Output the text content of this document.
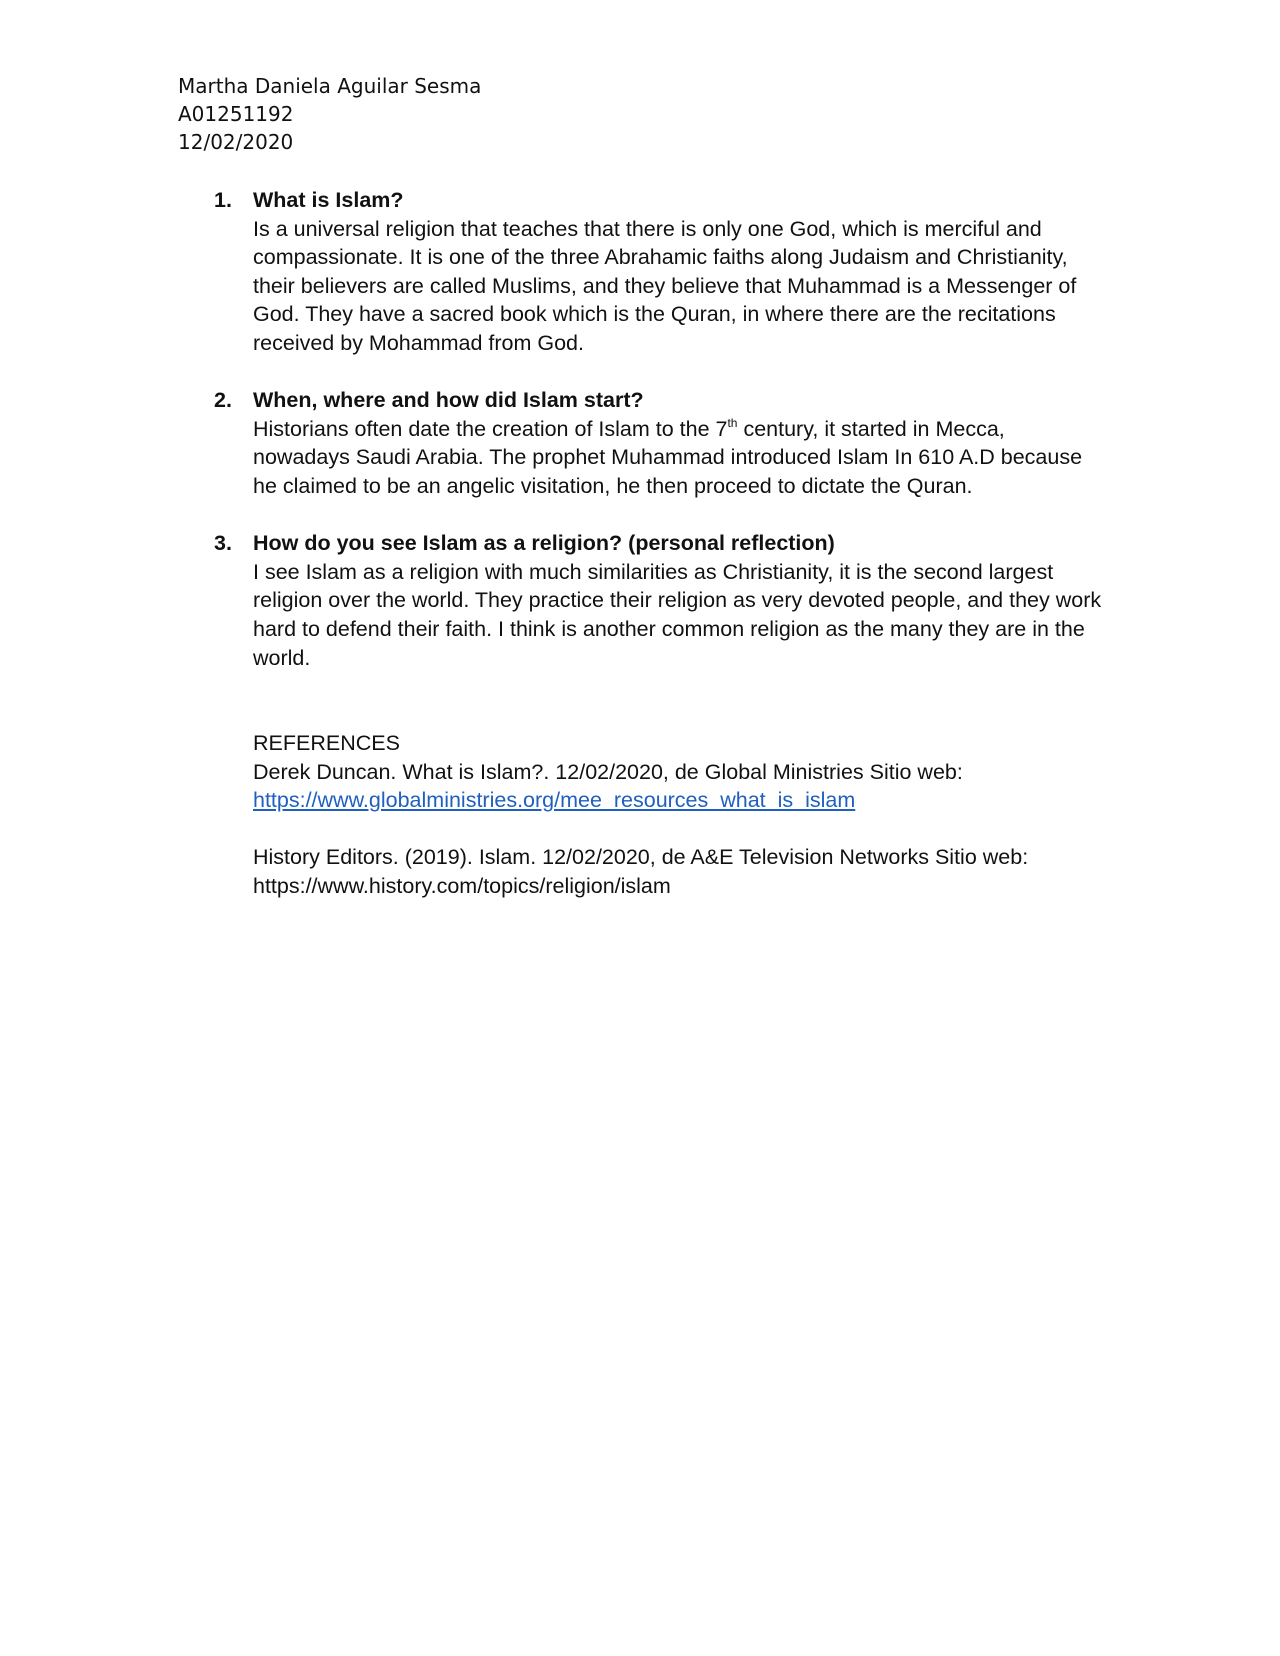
Martha Daniela Aguilar Sesma
A01251192
12/02/2020
1. What is Islam?

Is a universal religion that teaches that there is only one God, which is merciful and compassionate. It is one of the three Abrahamic faiths along Judaism and Christianity, their believers are called Muslims, and they believe that Muhammad is a Messenger of God. They have a sacred book which is the Quran, in where there are the recitations received by Mohammad from God.

2. When, where and how did Islam start?

Historians often date the creation of Islam to the 7th century, it started in Mecca, nowadays Saudi Arabia. The prophet Muhammad introduced Islam In 610 A.D because he claimed to be an angelic visitation, he then proceed to dictate the Quran.

3. How do you see Islam as a religion? (personal reflection)

I see Islam as a religion with much similarities as Christianity, it is the second largest religion over the world. They practice their religion as very devoted people, and they work hard to defend their faith. I think is another common religion as the many they are in the world.

REFERENCES

Derek Duncan. What is Islam?. 12/02/2020, de Global Ministries Sitio web: https://www.globalministries.org/mee_resources_what_is_islam

History Editors. (2019). Islam. 12/02/2020, de A&E Television Networks Sitio web: https://www.history.com/topics/religion/islam
